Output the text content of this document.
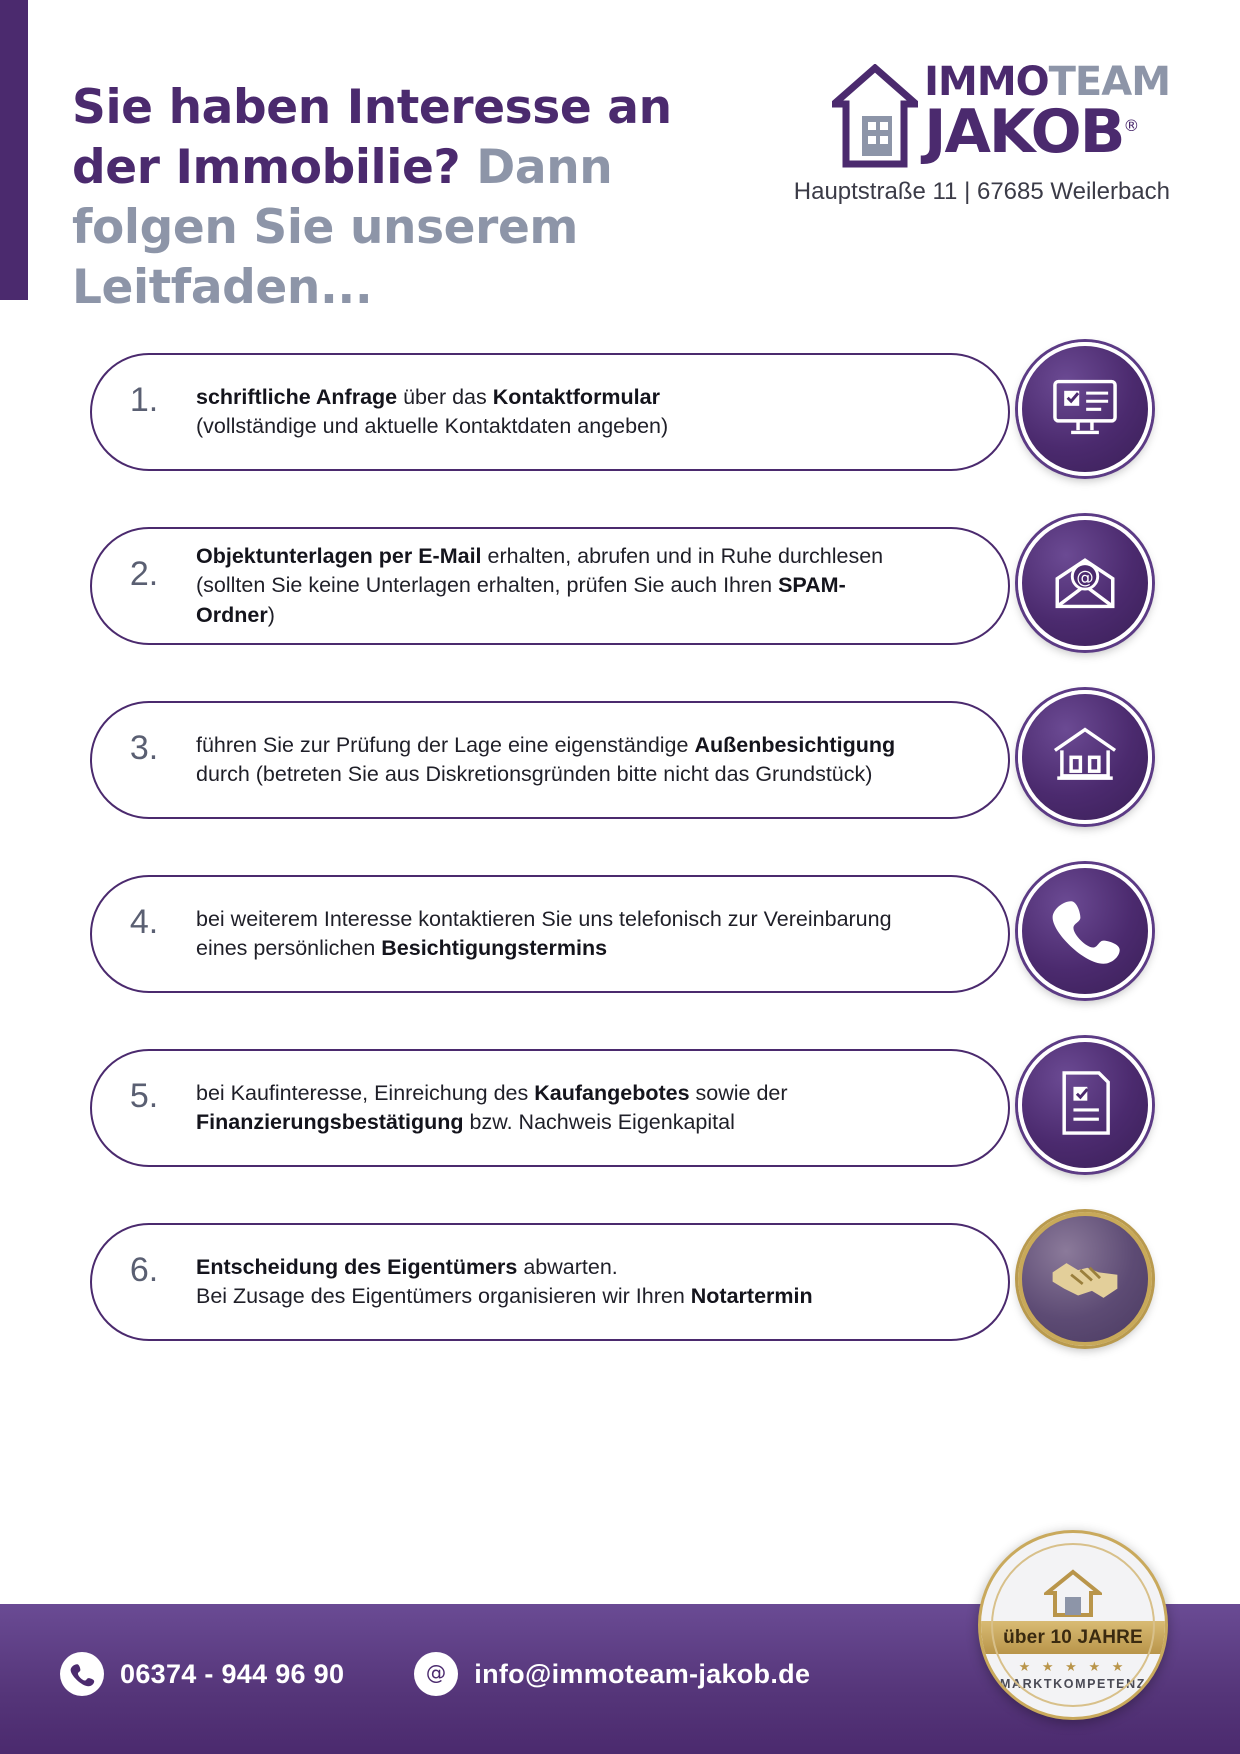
Sie haben Interesse an der Immobilie? Dann folgen Sie unserem Leitfaden...
IMMOTEAM
JAKOB®
Hauptstraße 11 | 67685 Weilerbach
1.	schriftliche Anfrage über das Kontaktformular
(vollständige und aktuelle Kontaktdaten angeben)
2.	Objektunterlagen per E-Mail erhalten, abrufen und in Ruhe durchlesen (sollten Sie keine Unterlagen erhalten, prüfen Sie auch Ihren SPAM-Ordner)
@
3.	führen Sie zur Prüfung der Lage eine eigenständige Außenbesichtigung durch (betreten Sie aus Diskretionsgründen bitte nicht das Grundstück)
4.	bei weiterem Interesse kontaktieren Sie uns telefonisch zur Vereinbarung eines persönlichen Besichtigungstermins
5.	bei Kaufinteresse, Einreichung des Kaufangebotes sowie der Finanzierungsbestätigung bzw. Nachweis Eigenkapital
6.	Entscheidung des Eigentümers abwarten.
Bei Zusage des Eigentümers organisieren wir Ihren Notartermin
06374 - 944 96 90 @ info@immoteam-jakob.de
über 10 JAHRE
★ ★ ★ ★ ★
MARKTKOMPETENZ
